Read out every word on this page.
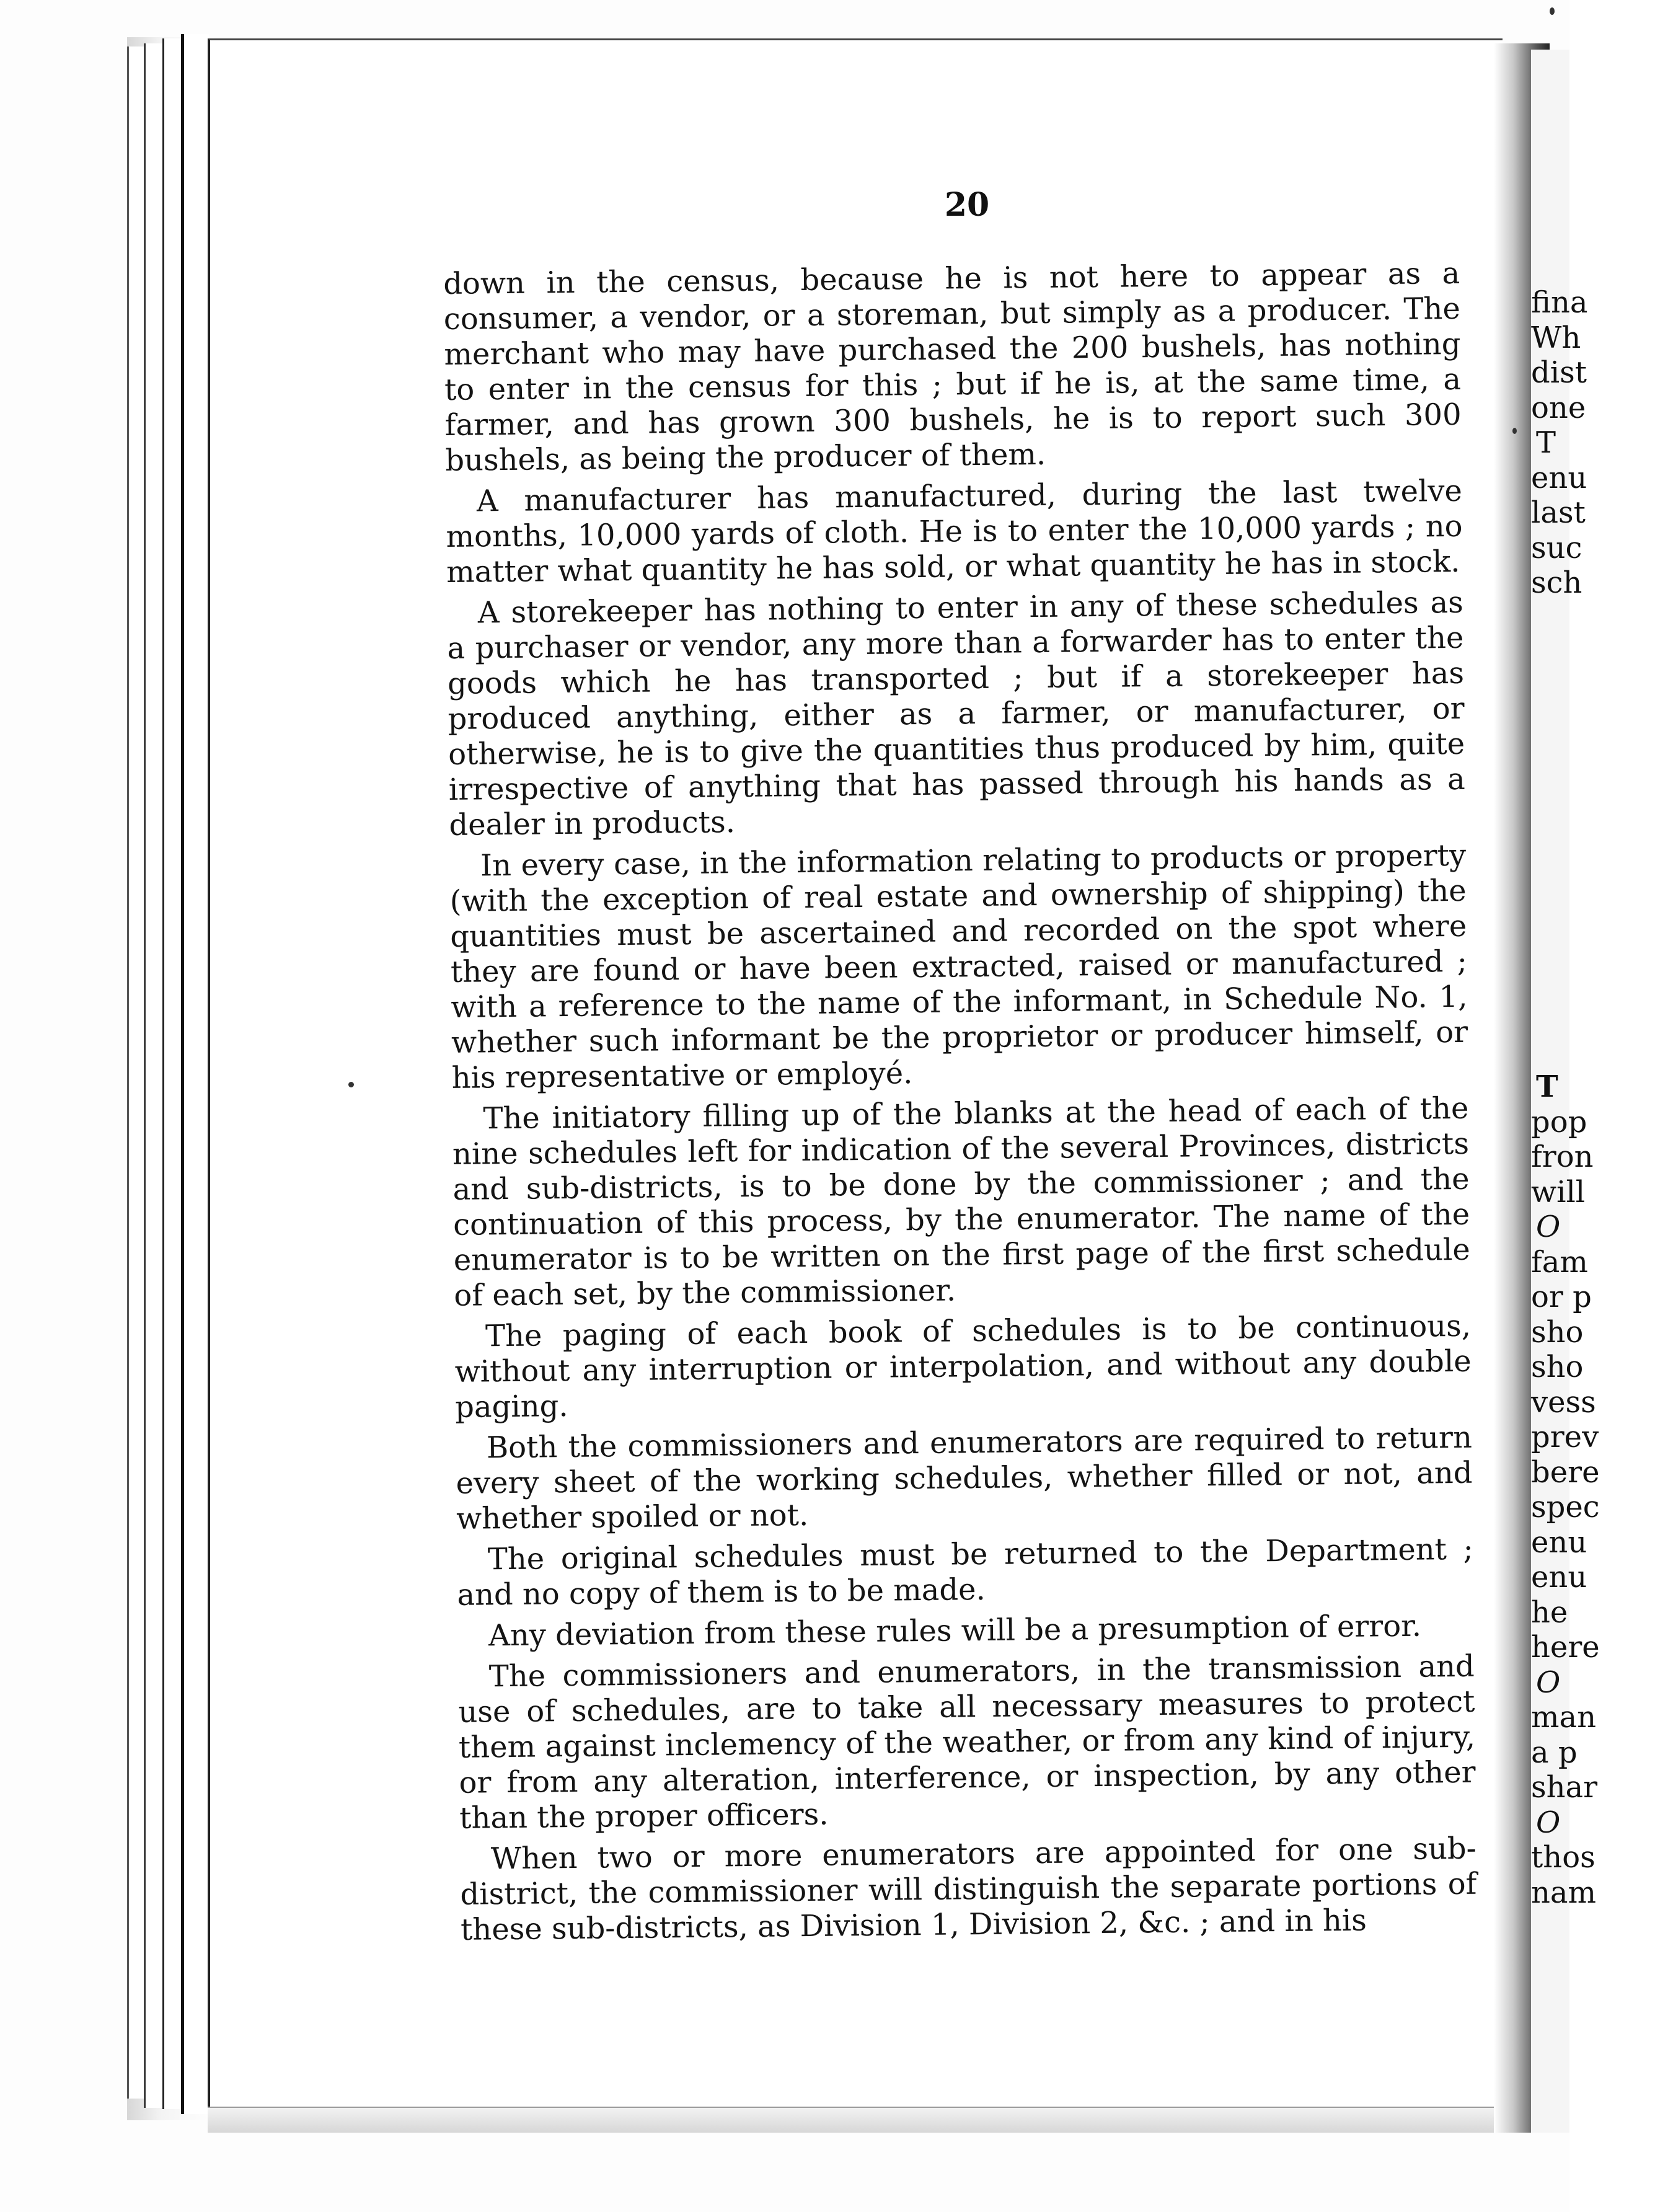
20

down in the census, because he is not here to appear as a consumer, a vendor, or a storeman, but simply as a producer. The merchant who may have purchased the 200 bushels, has nothing to enter in the census for this ; but if he is, at the same time, a farmer, and has grown 300 bushels, he is to report such 300 bushels, as being the producer of them.

A manufacturer has manufactured, during the last twelve months, 10,000 yards of cloth. He is to enter the 10,000 yards ; no matter what quantity he has sold, or what quantity he has in stock.

A storekeeper has nothing to enter in any of these schedules as a purchaser or vendor, any more than a forwarder has to enter the goods which he has transported ; but if a storekeeper has produced anything, either as a farmer, or manufacturer, or otherwise, he is to give the quantities thus produced by him, quite irrespective of anything that has passed through his hands as a dealer in products.

In every case, in the information relating to products or property (with the exception of real estate and ownership of shipping) the quantities must be ascertained and recorded on the spot where they are found or have been extracted, raised or manufactured ; with a reference to the name of the informant, in Schedule No. 1, whether such informant be the proprietor or producer himself, or his representative or employé.

The initiatory filling up of the blanks at the head of each of the nine schedules left for indication of the several Provinces, districts and sub-districts, is to be done by the commissioner ; and the continuation of this process, by the enumerator. The name of the enumerator is to be written on the first page of the first schedule of each set, by the commissioner.

The paging of each book of schedules is to be continuous, without any interruption or interpolation, and without any double paging.

Both the commissioners and enumerators are required to return every sheet of the working schedules, whether filled or not, and whether spoiled or not.

The original schedules must be returned to the Department ; and no copy of them is to be made.

Any deviation from these rules will be a presumption of error.

The commissioners and enumerators, in the transmission and use of schedules, are to take all necessary measures to protect them against inclemency of the weather, or from any kind of injury, or from any alteration, interference, or inspection, by any other than the proper officers.

When two or more enumerators are appointed for one sub-district, the commissioner will distinguish the separate portions of these sub-districts, as Division 1, Division 2, &c. ; and in his

fina
Wh
dist
one
T
enu
last
suc
sch
T
pop
fron
will
O
fam
or p
sho
sho
vess
prev
bere
spec
enu
enu
he
here
O
man
a p
shar
O
thos
nam
